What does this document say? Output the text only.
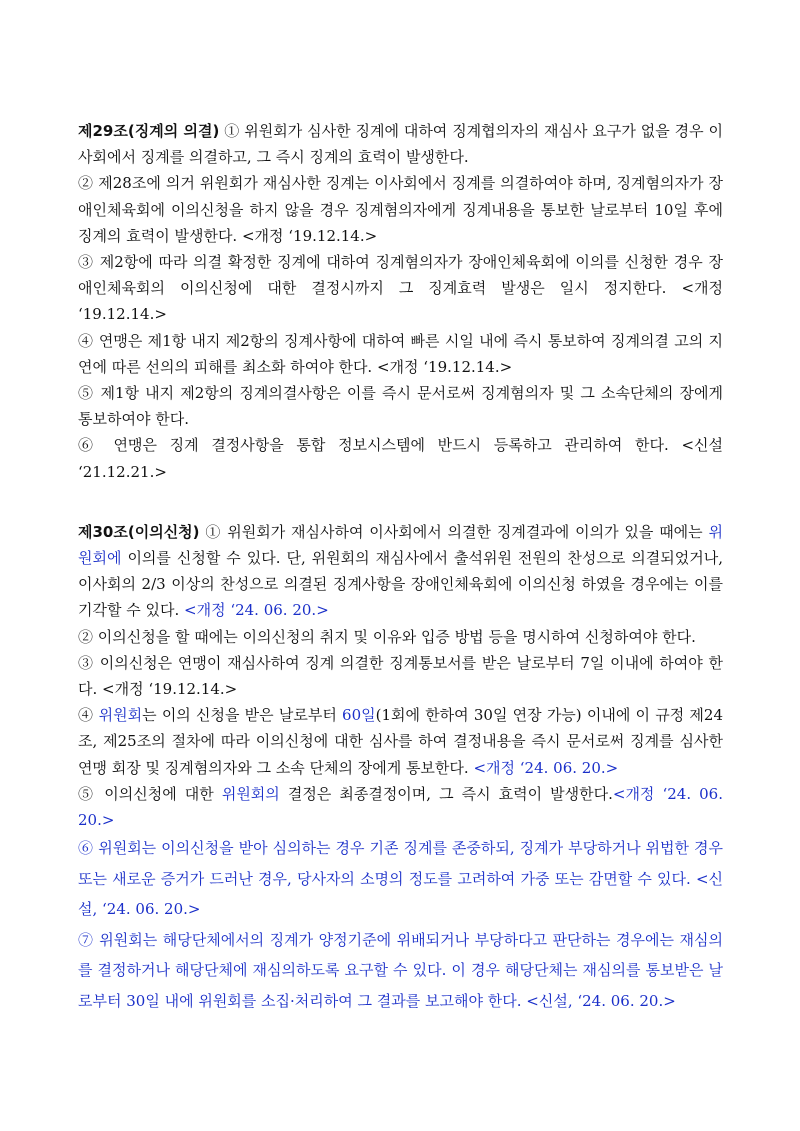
제29조(징계의 의결) ① 위원회가 심사한 징계에 대하여 징계협의자의 재심사 요구가 없을 경우 이사회에서 징계를 의결하고, 그 즉시 징계의 효력이 발생한다.

② 제28조에 의거 위원회가 재심사한 징계는 이사회에서 징계를 의결하여야 하며, 징계혐의자가 장애인체육회에 이의신청을 하지 않을 경우 징계혐의자에게 징계내용을 통보한 날로부터 10일 후에 징계의 효력이 발생한다. <개정 ‘19.12.14.>

③ 제2항에 따라 의결 확정한 징계에 대하여 징계혐의자가 장애인체육회에 이의를 신청한 경우 장애인체육회의 이의신청에 대한 결정시까지 그 징계효력 발생은 일시 정지한다. <개정 ‘19.12.14.>

④ 연맹은 제1항 내지 제2항의 징계사항에 대하여 빠른 시일 내에 즉시 통보하여 징계의결 고의 지연에 따른 선의의 피해를 최소화 하여야 한다. <개정 ‘19.12.14.>

⑤ 제1항 내지 제2항의 징계의결사항은 이를 즉시 문서로써 징계혐의자 및 그 소속단체의 장에게 통보하여야 한다.

⑥ 연맹은 징계 결정사항을 통합 정보시스템에 반드시 등록하고 관리하여 한다. <신설 ‘21.12.21.>

제30조(이의신청) ① 위원회가 재심사하여 이사회에서 의결한 징계결과에 이의가 있을 때에는 위원회에 이의를 신청할 수 있다. 단, 위원회의 재심사에서 출석위원 전원의 찬성으로 의결되었거나, 이사회의 2/3 이상의 찬성으로 의결된 징계사항을 장애인체육회에 이의신청 하였을 경우에는 이를 기각할 수 있다. <개정 ‘24. 06. 20.>

② 이의신청을 할 때에는 이의신청의 취지 및 이유와 입증 방법 등을 명시하여 신청하여야 한다.

③ 이의신청은 연맹이 재심사하여 징계 의결한 징계통보서를 받은 날로부터 7일 이내에 하여야 한다. <개정 ‘19.12.14.>

④ 위원회는 이의 신청을 받은 날로부터 60일(1회에 한하여 30일 연장 가능) 이내에 이 규정 제24조, 제25조의 절차에 따라 이의신청에 대한 심사를 하여 결정내용을 즉시 문서로써 징계를 심사한 연맹 회장 및 징계혐의자와 그 소속 단체의 장에게 통보한다. <개정 ‘24. 06. 20.>

⑤ 이의신청에 대한 위원회의 결정은 최종결정이며, 그 즉시 효력이 발생한다.<개정 ‘24. 06. 20.>

⑥ 위원회는 이의신청을 받아 심의하는 경우 기존 징계를 존중하되, 징계가 부당하거나 위법한 경우 또는 새로운 증거가 드러난 경우, 당사자의 소명의 정도를 고려하여 가중 또는 감면할 수 있다. <신설, ‘24. 06. 20.>

⑦ 위원회는 해당단체에서의 징계가 양정기준에 위배되거나 부당하다고 판단하는 경우에는 재심의를 결정하거나 해당단체에 재심의하도록 요구할 수 있다. 이 경우 해당단체는 재심의를 통보받은 날로부터 30일 내에 위원회를 소집·처리하여 그 결과를 보고해야 한다. <신설, ‘24. 06. 20.>
